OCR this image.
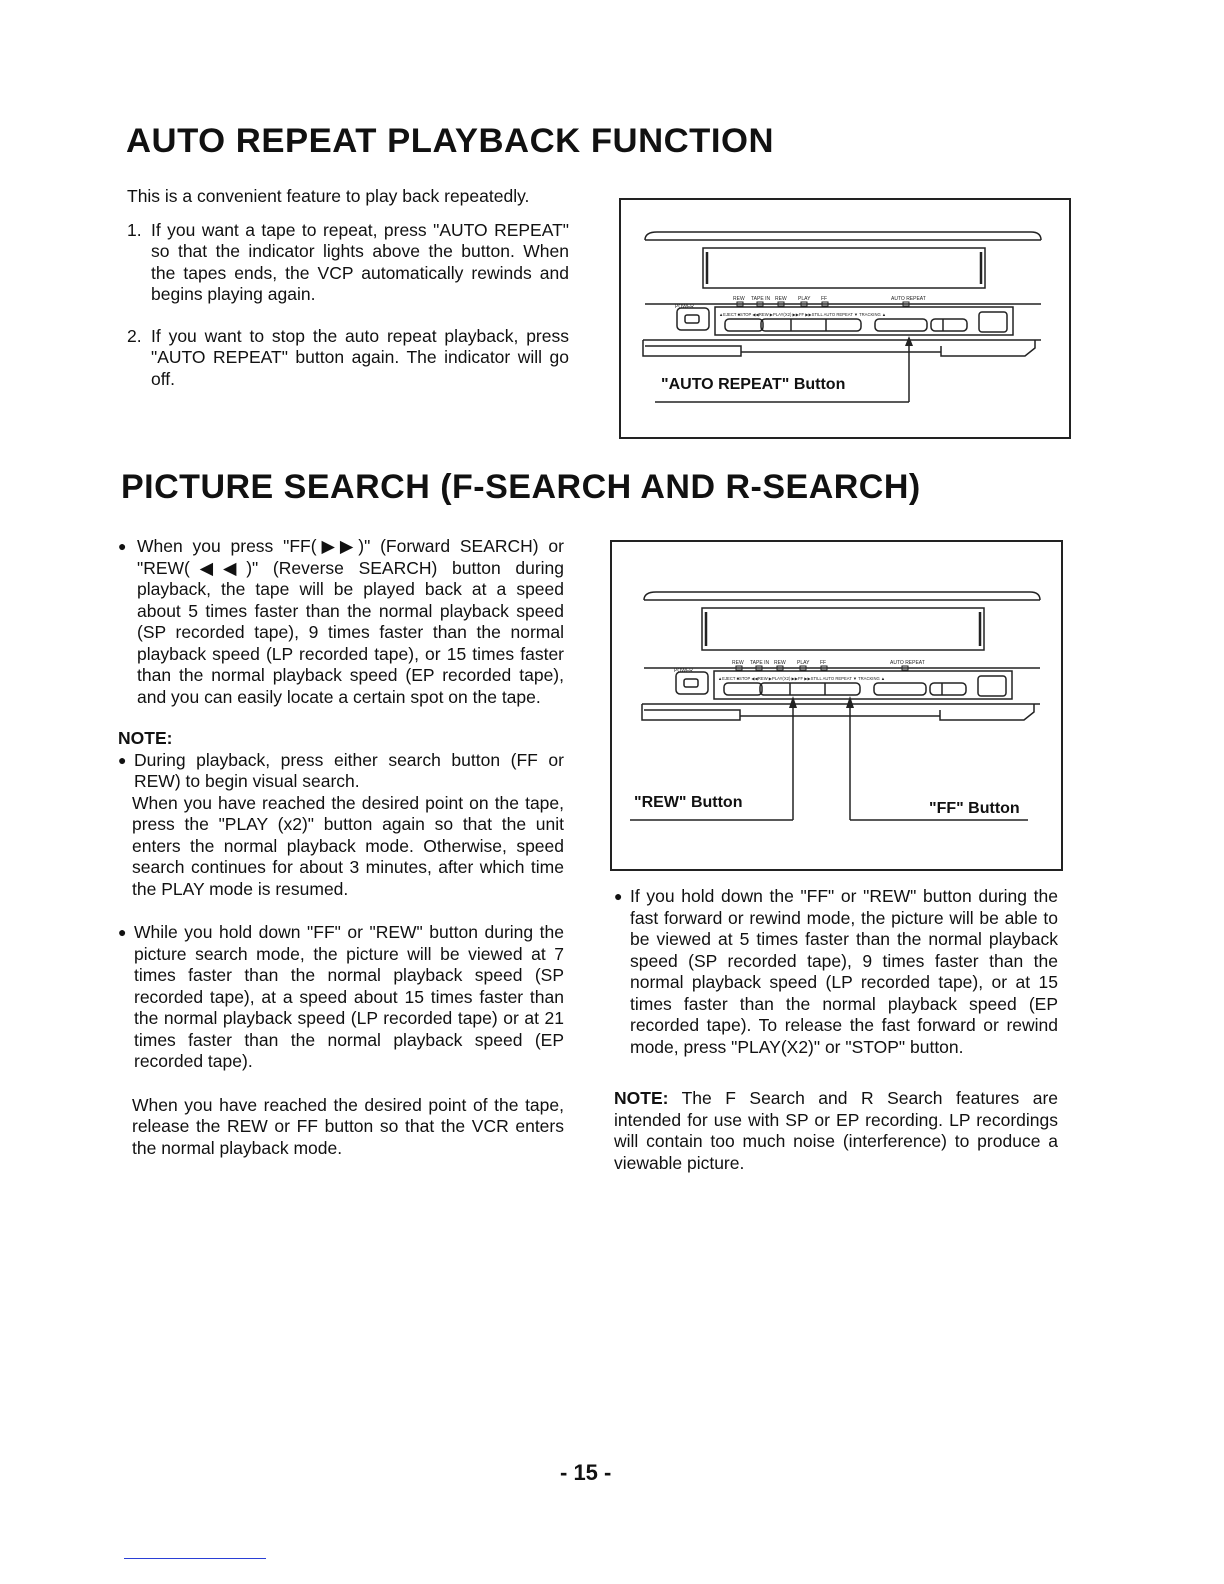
AUTO REPEAT PLAYBACK FUNCTION

This is a convenient feature to play back repeatedly.

1. If you want a tape to repeat, press "AUTO REPEAT" so that the indicator lights above the button. When the tapes ends, the VCP automatically rewinds and begins playing again.
2. If you want to stop the auto repeat playback, press "AUTO REPEAT" button again. The indicator will go off.
POWER
REW TAPE IN REW PLAY FF	AUTO REPEAT
▲EJECT ■STOP ◀◀REW ▶PLAY(X2) ▶▶FF ▶▶STILL AUTO REPEAT ▼ TRACKING ▲
"AUTO REPEAT" Button
PICTURE SEARCH (F-SEARCH AND R-SEARCH)
● When you press "FF(▶▶)" (Forward SEARCH) or "REW(◀◀)" (Reverse SEARCH) button during playback, the tape will be played back at a speed about 5 times faster than the normal playback speed (SP recorded tape), 9 times faster than the normal playback speed (LP recorded tape), or 15 times faster than the normal playback speed (EP recorded tape), and you can easily locate a certain spot on the tape.
NOTE:
● During playback, press either search button (FF or REW) to begin visual search.

When you have reached the desired point on the tape, press the "PLAY (x2)" button again so that the unit enters the normal playback mode. Otherwise, speed search continues for about 3 minutes, after which time the PLAY mode is resumed.

● While you hold down "FF" or "REW" button during the picture search mode, the picture will be viewed at 7 times faster than the normal playback speed (SP recorded tape), at a speed about 15 times faster than the normal playback speed (LP recorded tape) or at 21 times faster than the normal playback speed (EP recorded tape).

When you have reached the desired point of the tape, release the REW or FF button so that the VCR enters the normal playback mode.

POWER
REW TAPE IN REW PLAY FF	AUTO REPEAT
▲EJECT ■STOP ◀◀REW ▶PLAY(X2) ▶▶FF ▶▶STILL AUTO REPEAT ▼ TRACKING ▲
"REW" Button	"FF" Button
● If you hold down the "FF" or "REW" button during the fast forward or rewind mode, the picture will be able to be viewed at 5 times faster than the normal playback speed (SP recorded tape), 9 times faster than the normal playback speed (LP recorded tape), or at 15 times faster than the normal playback speed (EP recorded tape). To release the fast forward or rewind mode, press "PLAY(X2)" or "STOP" button.

NOTE: The F Search and R Search features are intended for use with SP or EP recording. LP recordings will contain too much noise (interference) to produce a viewable picture.

- 15 -
